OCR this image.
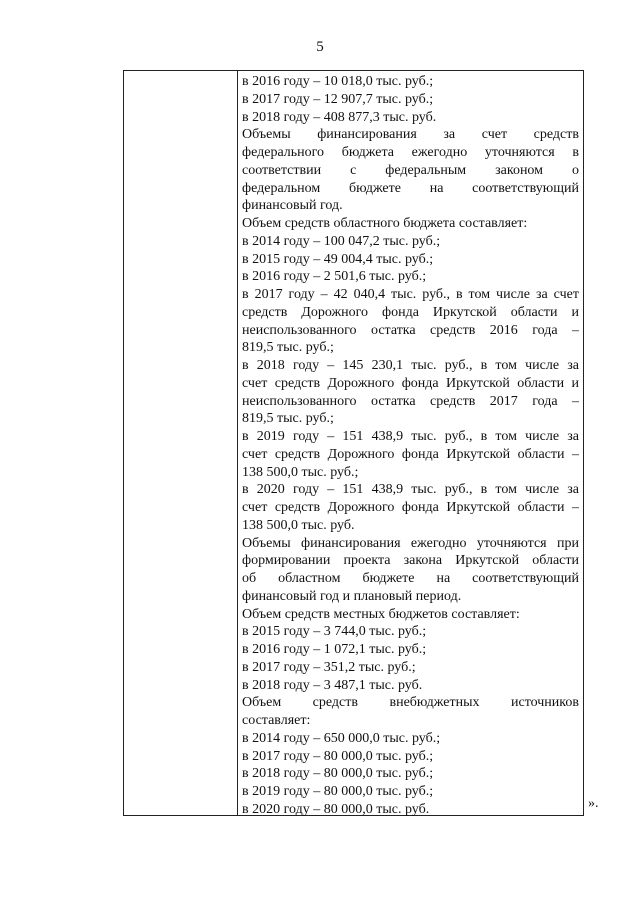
5
в 2016 году – 10 018,0 тыс. руб.;
в 2017 году – 12 907,7 тыс. руб.;
в 2018 году – 408 877,3 тыс. руб.
Объемы финансирования за счет средств
федерального бюджета ежегодно уточняются в
соответствии с федеральным законом о
федеральном бюджете на соответствующий
финансовый год.
Объем средств областного бюджета составляет:
в 2014 году – 100 047,2 тыс. руб.;
в 2015 году – 49 004,4 тыс. руб.;
в 2016 году – 2 501,6 тыс. руб.;
в 2017 году – 42 040,4 тыс. руб., в том числе за счет
средств Дорожного фонда Иркутской области и
неиспользованного остатка средств 2016 года –
819,5 тыс. руб.;
в 2018 году – 145 230,1 тыс. руб., в том числе за
счет средств Дорожного фонда Иркутской области и
неиспользованного остатка средств 2017 года –
819,5 тыс. руб.;
в 2019 году – 151 438,9 тыс. руб., в том числе за
счет средств Дорожного фонда Иркутской области –
138 500,0 тыс. руб.;
в 2020 году – 151 438,9 тыс. руб., в том числе за
счет средств Дорожного фонда Иркутской области –
138 500,0 тыс. руб.
Объемы финансирования ежегодно уточняются при
формировании проекта закона Иркутской области
об областном бюджете на соответствующий
финансовый год и плановый период.
Объем средств местных бюджетов составляет:
в 2015 году – 3 744,0 тыс. руб.;
в 2016 году – 1 072,1 тыс. руб.;
в 2017 году – 351,2 тыс. руб.;
в 2018 году – 3 487,1 тыс. руб.
Объем средств внебюджетных источников
составляет:
в 2014 году – 650 000,0 тыс. руб.;
в 2017 году – 80 000,0 тыс. руб.;
в 2018 году – 80 000,0 тыс. руб.;
в 2019 году – 80 000,0 тыс. руб.;
в 2020 году – 80 000,0 тыс. руб.	».
